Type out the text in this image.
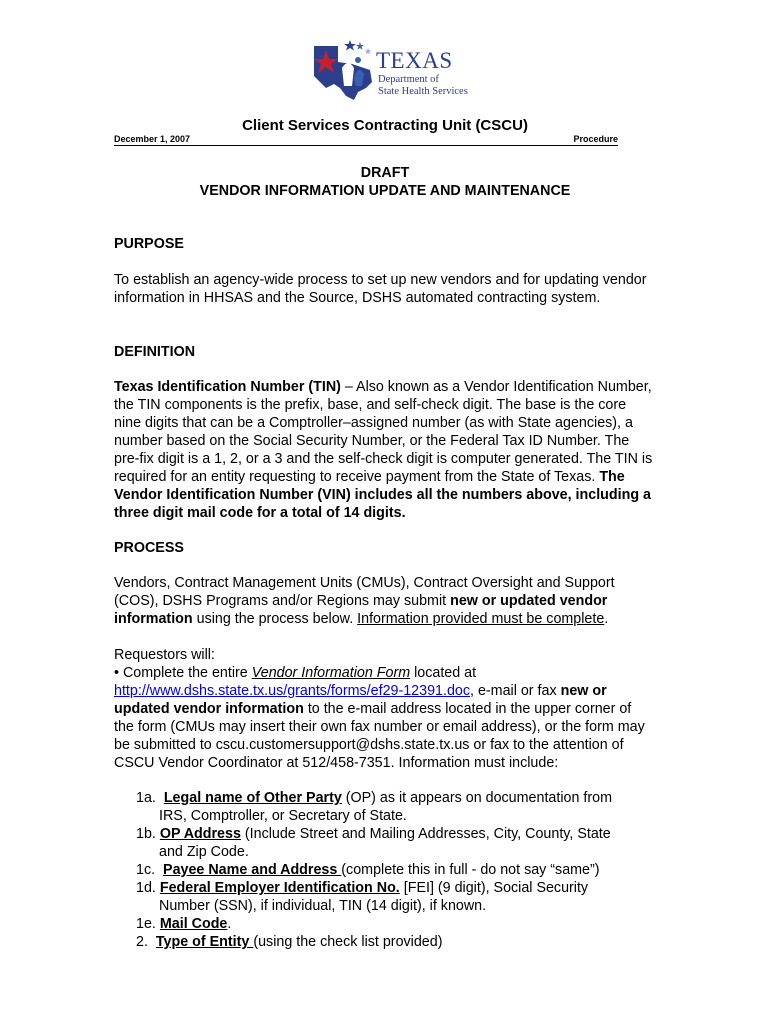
TEXAS
Department of
State Health Services
Client Services Contracting Unit (CSCU)
December 1, 2007	Procedure
DRAFT
VENDOR INFORMATION UPDATE AND MAINTENANCE
PURPOSE
To establish an agency-wide process to set up new vendors and for updating vendor information in HHSAS and the Source, DSHS automated contracting system.
DEFINITION
Texas Identification Number (TIN) – Also known as a Vendor Identification Number, the TIN components is the prefix, base, and self-check digit. The base is the core nine digits that can be a Comptroller–assigned number (as with State agencies), a number based on the Social Security Number, or the Federal Tax ID Number. The pre-fix digit is a 1, 2, or a 3 and the self-check digit is computer generated. The TIN is required for an entity requesting to receive payment from the State of Texas. The Vendor Identification Number (VIN) includes all the numbers above, including a three digit mail code for a total of 14 digits.
PROCESS
Vendors, Contract Management Units (CMUs), Contract Oversight and Support (COS), DSHS Programs and/or Regions may submit new or updated vendor information using the process below. Information provided must be complete.
Requestors will:
• Complete the entire Vendor Information Form located at
http://www.dshs.state.tx.us/grants/forms/ef29-12391.doc, e-mail or fax new or updated vendor information to the e-mail address located in the upper corner of the form (CMUs may insert their own fax number or email address), or the form may be submitted to cscu.customersupport@dshs.state.tx.us or fax to the attention of CSCU Vendor Coordinator at 512/458-7351. Information must include:
1a. Legal name of Other Party (OP) as it appears on documentation from
IRS, Comptroller, or Secretary of State.
1b. OP Address (Include Street and Mailing Addresses, City, County, State
and Zip Code.
1c. Payee Name and Address (complete this in full - do not say “same”)
1d. Federal Employer Identification No. [FEI] (9 digit), Social Security
Number (SSN), if individual, TIN (14 digit), if known.
1e. Mail Code.
2. Type of Entity (using the check list provided)
